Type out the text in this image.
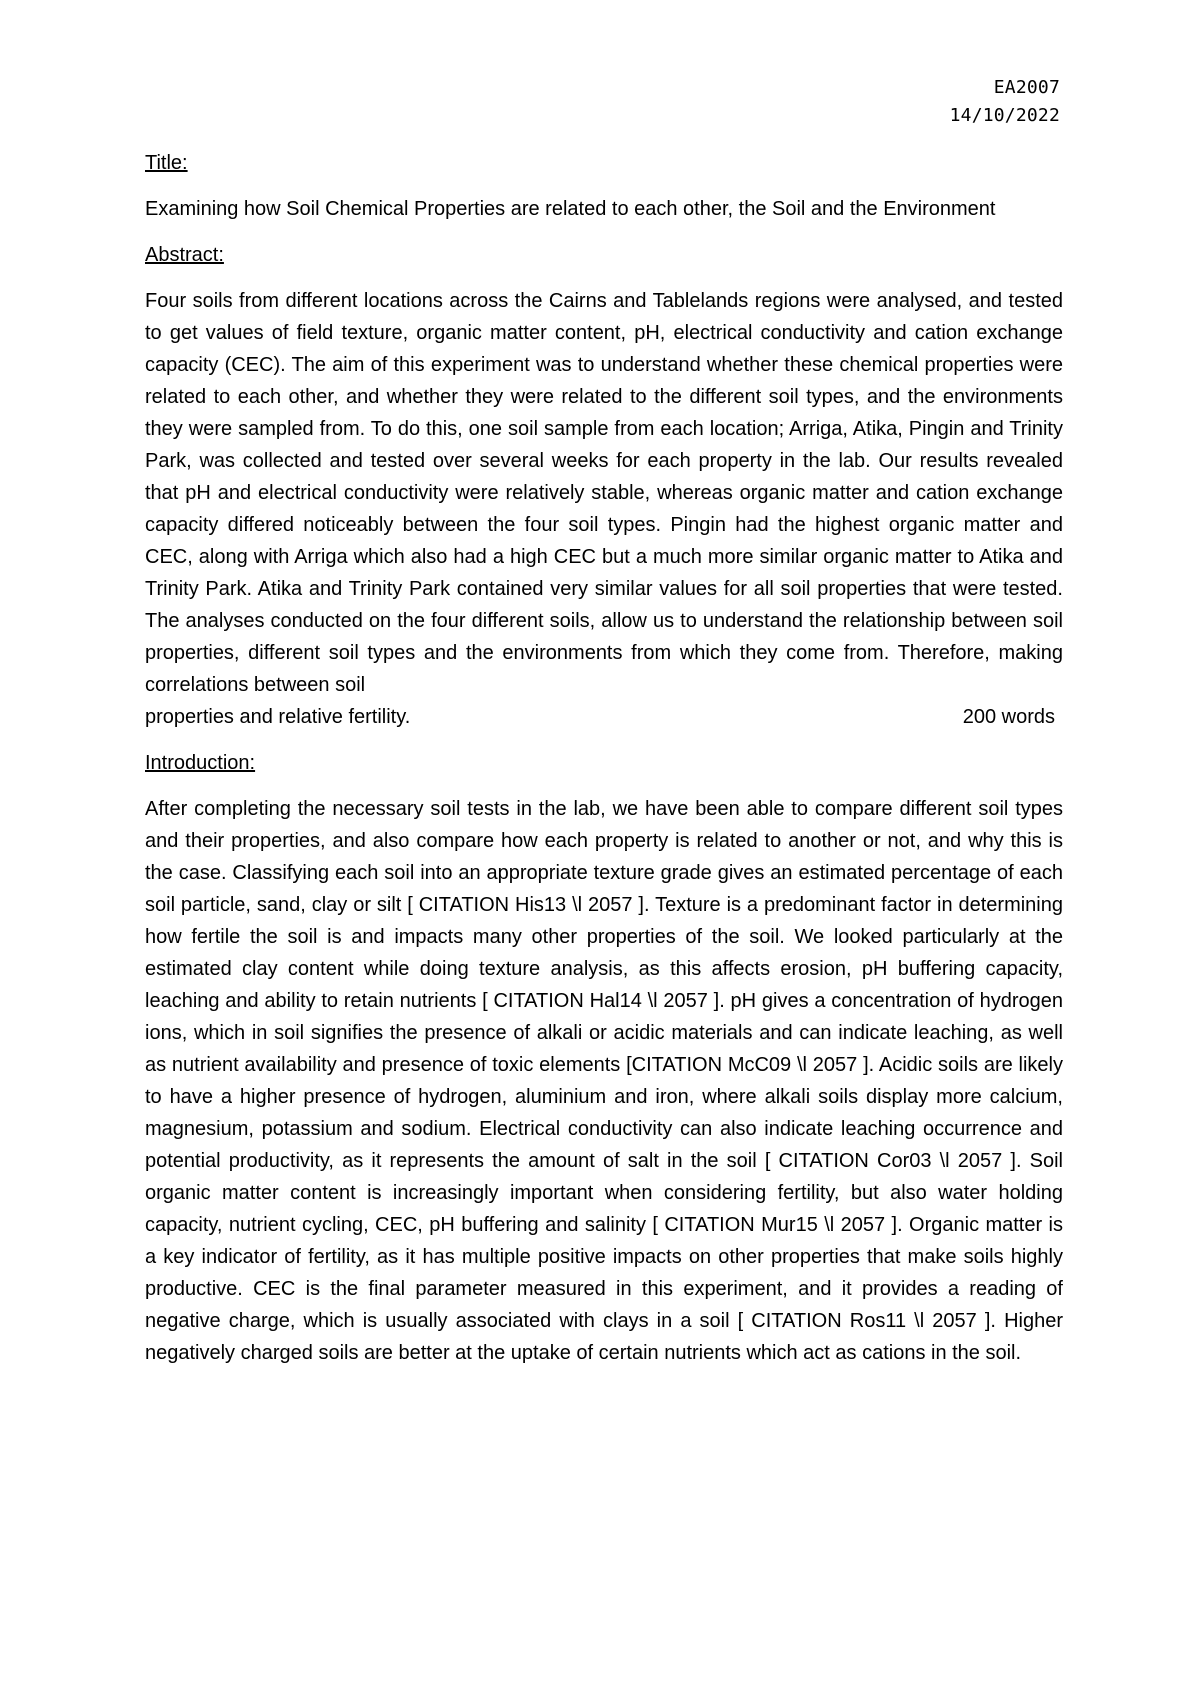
EA2007
14/10/2022
Title:

Examining how Soil Chemical Properties are related to each other, the Soil and the Environment

Abstract:

Four soils from different locations across the Cairns and Tablelands regions were analysed, and tested to get values of field texture, organic matter content, pH, electrical conductivity and cation exchange capacity (CEC). The aim of this experiment was to understand whether these chemical properties were related to each other, and whether they were related to the different soil types, and the environments they were sampled from. To do this, one soil sample from each location; Arriga, Atika, Pingin and Trinity Park, was collected and tested over several weeks for each property in the lab. Our results revealed that pH and electrical conductivity were relatively stable, whereas organic matter and cation exchange capacity differed noticeably between the four soil types. Pingin had the highest organic matter and CEC, along with Arriga which also had a high CEC but a much more similar organic matter to Atika and Trinity Park. Atika and Trinity Park contained very similar values for all soil properties that were tested. The analyses conducted on the four different soils, allow us to understand the relationship between soil properties, different soil types and the environments from which they come from. Therefore, making correlations between soil

properties and relative fertility.	200 words
Introduction:

After completing the necessary soil tests in the lab, we have been able to compare different soil types and their properties, and also compare how each property is related to another or not, and why this is the case. Classifying each soil into an appropriate texture grade gives an estimated percentage of each soil particle, sand, clay or silt [ CITATION His13 \l 2057 ]. Texture is a predominant factor in determining how fertile the soil is and impacts many other properties of the soil. We looked particularly at the estimated clay content while doing texture analysis, as this affects erosion, pH buffering capacity, leaching and ability to retain nutrients [ CITATION Hal14 \l 2057 ]. pH gives a concentration of hydrogen ions, which in soil signifies the presence of alkali or acidic materials and can indicate leaching, as well as nutrient availability and presence of toxic elements [CITATION McC09 \l 2057 ]. Acidic soils are likely to have a higher presence of hydrogen, aluminium and iron, where alkali soils display more calcium, magnesium, potassium and sodium. Electrical conductivity can also indicate leaching occurrence and potential productivity, as it represents the amount of salt in the soil [ CITATION Cor03 \l 2057 ]. Soil organic matter content is increasingly important when considering fertility, but also water holding capacity, nutrient cycling, CEC, pH buffering and salinity [ CITATION Mur15 \l 2057 ]. Organic matter is a key indicator of fertility, as it has multiple positive impacts on other properties that make soils highly productive. CEC is the final parameter measured in this experiment, and it provides a reading of negative charge, which is usually associated with clays in a soil [ CITATION Ros11 \l 2057 ]. Higher negatively charged soils are better at the uptake of certain nutrients which act as cations in the soil.
